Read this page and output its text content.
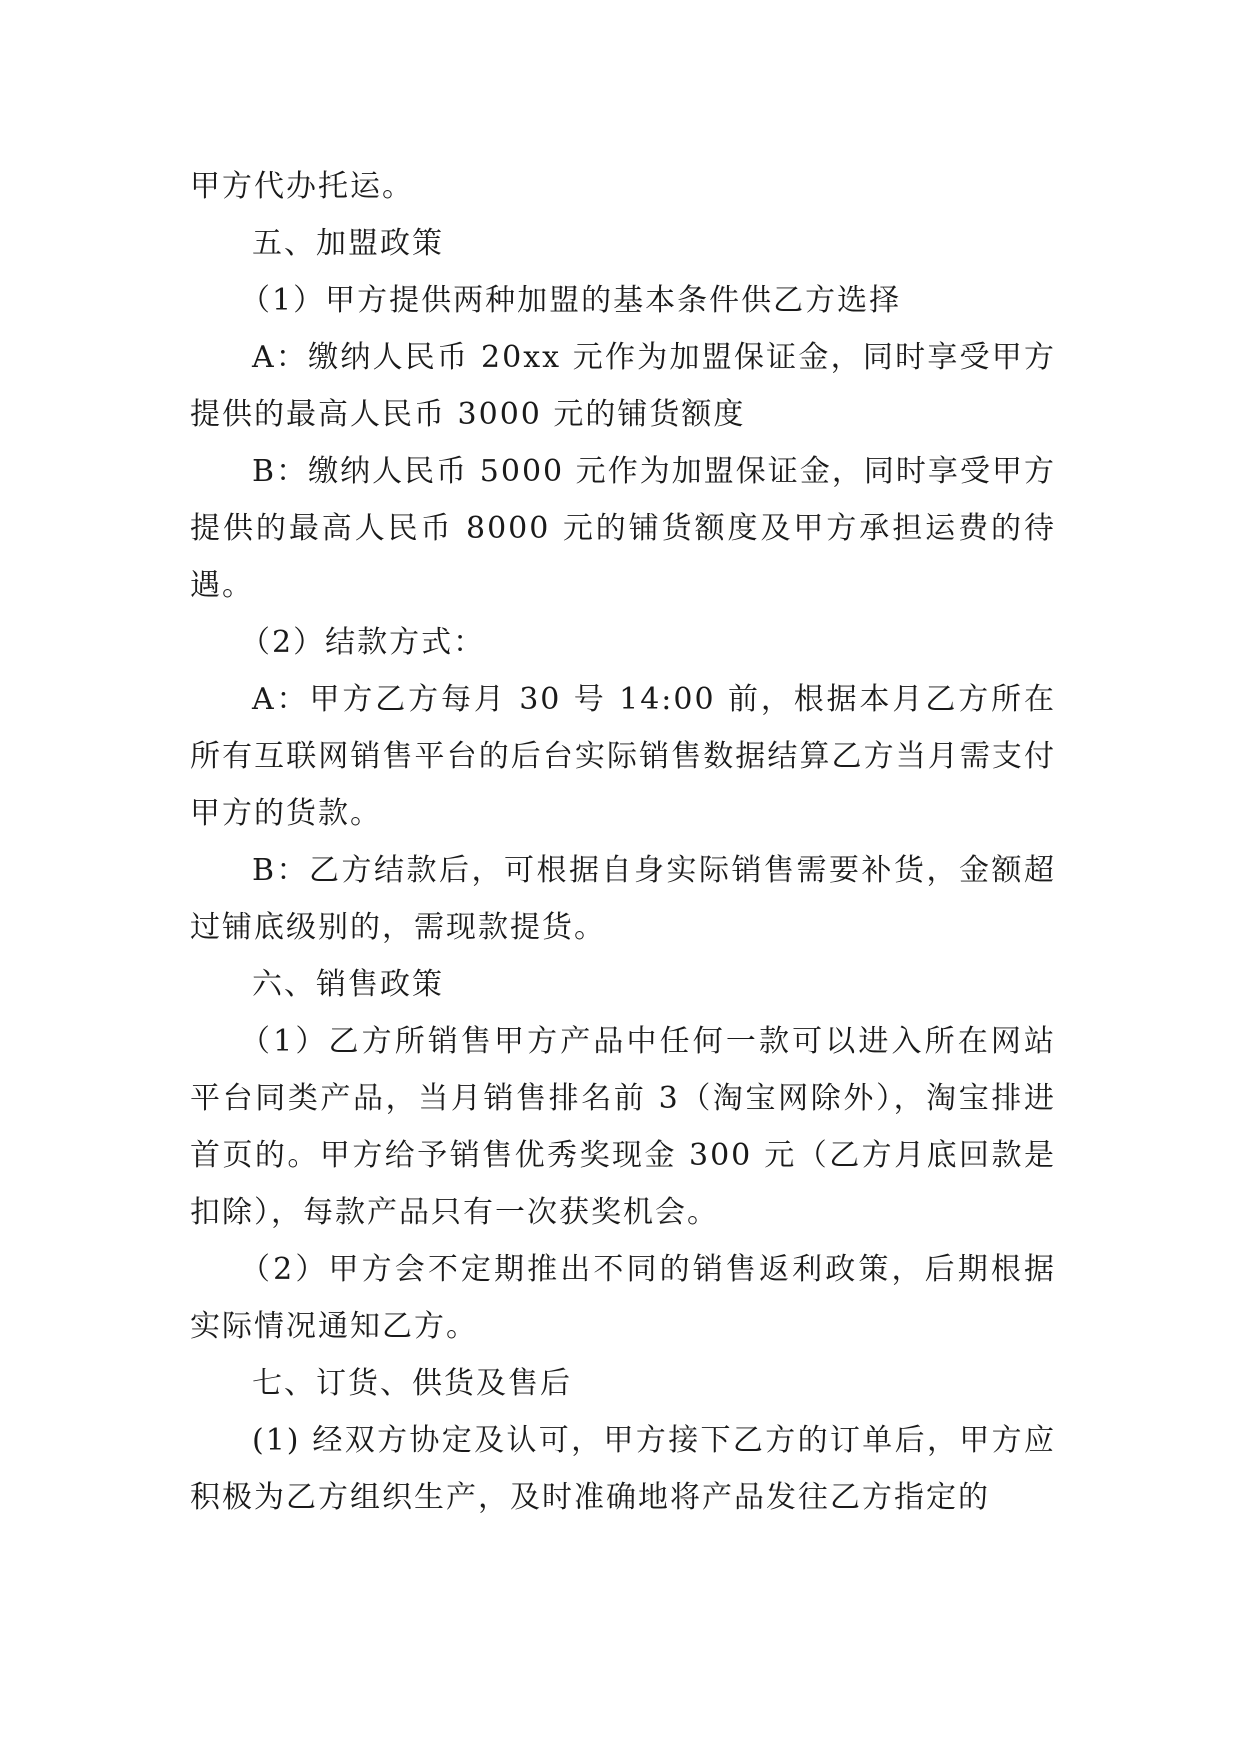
甲方代办托运。

五、加盟政策

（1）甲方提供两种加盟的基本条件供乙方选择

A：缴纳人民币 20xx 元作为加盟保证金，同时享受甲方提供的最高人民币 3000 元的铺货额度

B：缴纳人民币 5000 元作为加盟保证金，同时享受甲方提供的最高人民币 8000 元的铺货额度及甲方承担运费的待遇。

（2）结款方式：

A：甲方乙方每月 30 号 14:00 前，根据本月乙方所在所有互联网销售平台的后台实际销售数据结算乙方当月需支付甲方的货款。

B：乙方结款后，可根据自身实际销售需要补货，金额超过铺底级别的，需现款提货。

六、销售政策

（1）乙方所销售甲方产品中任何一款可以进入所在网站平台同类产品，当月销售排名前 3（淘宝网除外），淘宝排进首页的。甲方给予销售优秀奖现金 300 元（乙方月底回款是扣除），每款产品只有一次获奖机会。

（2）甲方会不定期推出不同的销售返利政策，后期根据实际情况通知乙方。

七、订货、供货及售后

(1) 经双方协定及认可，甲方接下乙方的订单后，甲方应积极为乙方组织生产，及时准确地将产品发往乙方指定的
